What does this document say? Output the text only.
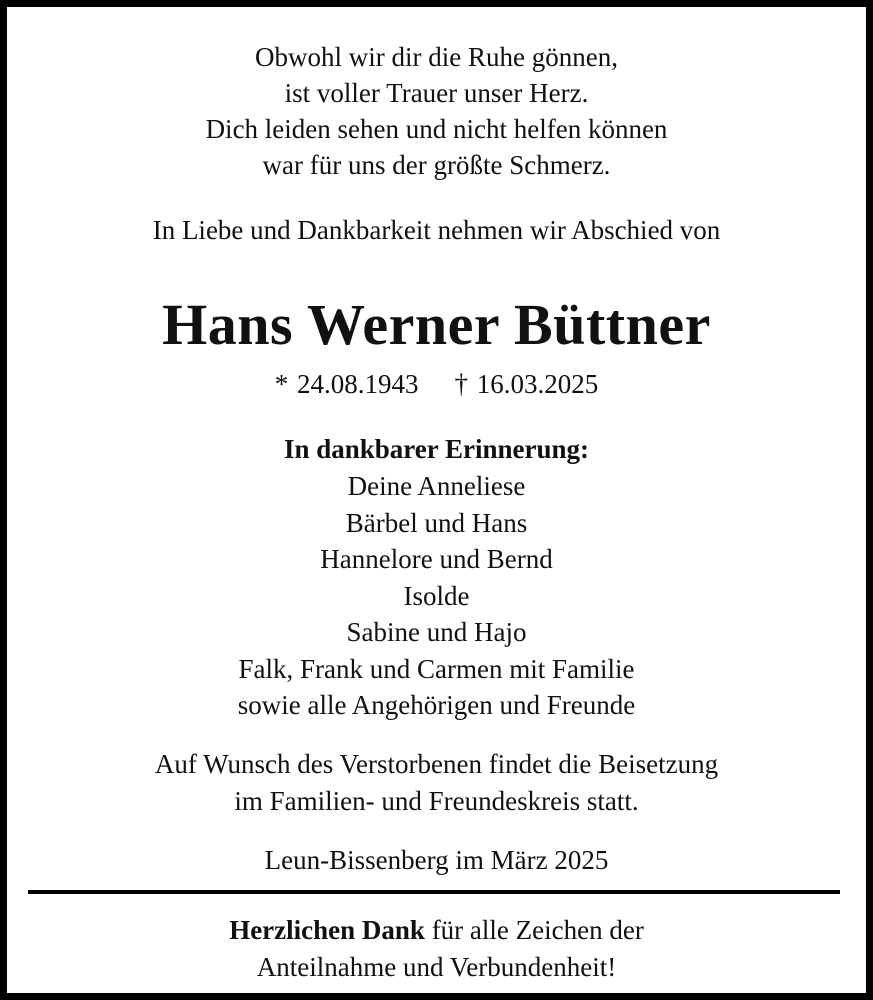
Obwohl wir dir die Ruhe gönnen,
ist voller Trauer unser Herz.
Dich leiden sehen und nicht helfen können
war für uns der größte Schmerz.
In Liebe und Dankbarkeit nehmen wir Abschied von
Hans Werner Büttner
* 24.08.1943 † 16.03.2025
In dankbarer Erinnerung:
Deine Anneliese
Bärbel und Hans
Hannelore und Bernd
Isolde
Sabine und Hajo
Falk, Frank und Carmen mit Familie
sowie alle Angehörigen und Freunde
Auf Wunsch des Verstorbenen findet die Beisetzung
im Familien- und Freundeskreis statt.
Leun-Bissenberg im März 2025
Herzlichen Dank für alle Zeichen der
Anteilnahme und Verbundenheit!
